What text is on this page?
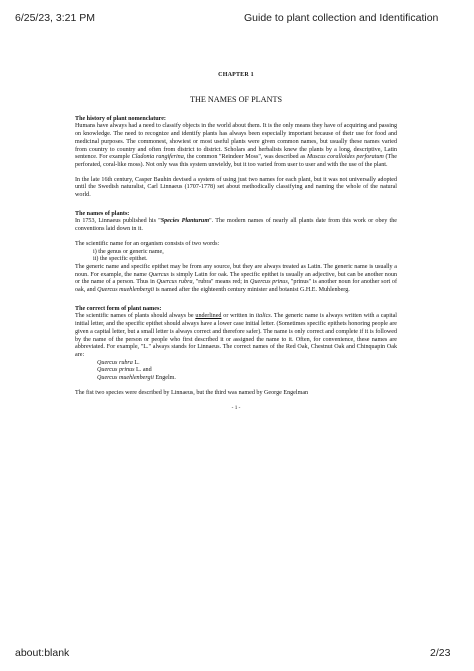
6/25/23, 3:21 PM	Guide to plant collection and Identification
CHAPTER 1
THE NAMES OF PLANTS
The history of plant nomenclature:

Humans have always had a need to classify objects in the world about them. It is the only means they have of acquiring and passing on knowledge. The need to recognize and identify plants has always been especially important because of their use for food and medicinal purposes. The commonest, showiest or most useful plants were given common names, but usually these names varied from country to country and often from district to district. Scholars and herbalists knew the plants by a long, descriptive, Latin sentence. For example Cladonia rangiferina, the common "Reindeer Moss", was described as Muscus coralloides perforatum (The perforated, coral-like moss). Not only was this system unwieldy, but it too varied from user to user and with the use of the plant.

In the late 16th century, Casper Bauhin devised a system of using just two names for each plant, but it was not universally adopted until the Swedish naturalist, Carl Linnaeus (1707-1778) set about methodically classifying and naming the whole of the natural world.

The names of plants:

In 1753, Linnaeus published his "Species Planturum". The modern names of nearly all plants date from this work or obey the conventions laid down in it.

The scientific name for an organism consists of two words:

i) the genus or generic name,
ii) the specific epithet.

The generic name and specific epithet may be from any source, but they are always treated as Latin. The generic name is usually a noun. For example, the name Quercus is simply Latin for oak. The specific epithet is usually an adjective, but can be another noun or the name of a person. Thus in Quercus rubra, "rubra" means red; in Quercus prinus, "prinus" is another noun for another sort of oak, and Quercus muehlenbergii is named after the eighteenth century minister and botanist G.H.E. Muhlenberg.

The correct form of plant names:

The scientific names of plants should always be underlined or written in italics. The generic name is always written with a capital initial letter, and the specific epithet should always have a lower case initial letter. (Sometimes specific epithets honoring people are given a capital letter, but a small letter is always correct and therefore safer). The name is only correct and complete if it is followed by the name of the person or people who first described it or assigned the name to it. Often, for convenience, these names are abbreviated. For example, "L." always stands for Linnaeus. The correct names of the Red Oak, Chestnut Oak and Chinquapin Oak are:

Quercus rubra L.
Quercus prinus L. and
Quercus muehlenbergii Engelm.

The fist two species were described by Linnaeus, but the third was named by George Engelman

- 1 -
about:blank	2/23
